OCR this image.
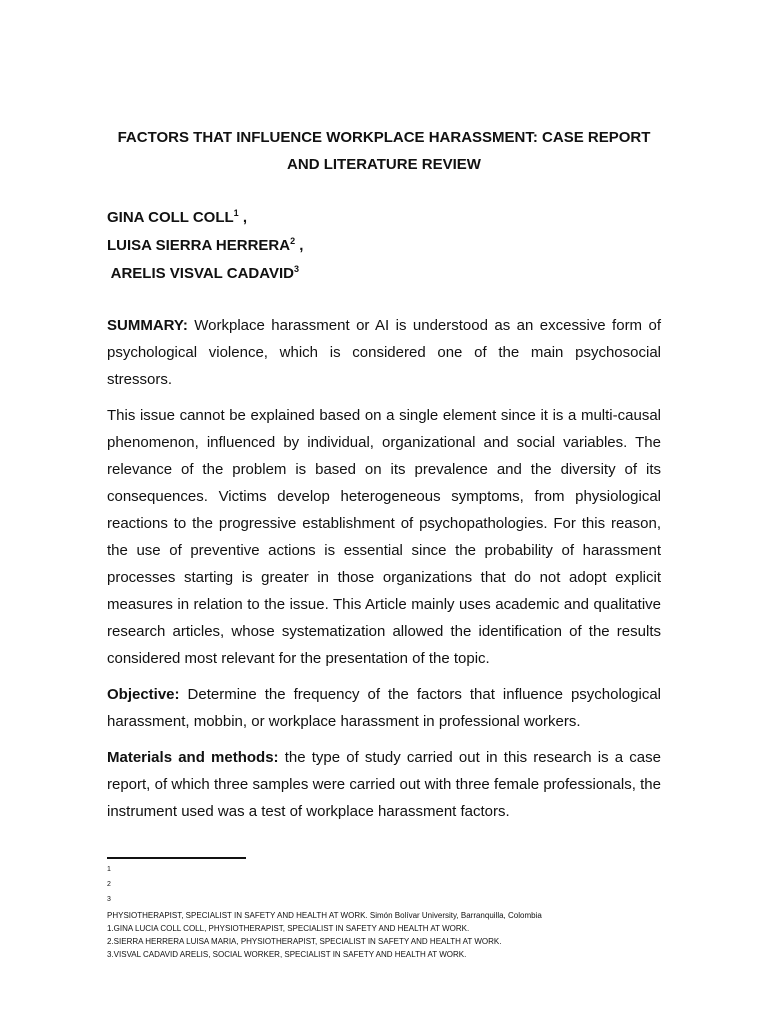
FACTORS THAT INFLUENCE WORKPLACE HARASSMENT: CASE REPORT
AND LITERATURE REVIEW
GINA COLL COLL$^1$ ,
LUISA SIERRA HERRERA$^2$ ,
ARELIS VISVAL CADAVID$^3$
SUMMARY: Workplace harassment or AI is understood as an excessive form of psychological violence, which is considered one of the main psychosocial stressors.
This issue cannot be explained based on a single element since it is a multi-causal phenomenon, influenced by individual, organizational and social variables. The relevance of the problem is based on its prevalence and the diversity of its consequences. Victims develop heterogeneous symptoms, from physiological reactions to the progressive establishment of psychopathologies. For this reason, the use of preventive actions is essential since the probability of harassment processes starting is greater in those organizations that do not adopt explicit measures in relation to the issue. This Article mainly uses academic and qualitative research articles, whose systematization allowed the identification of the results considered most relevant for the presentation of the topic.
Objective: Determine the frequency of the factors that influence psychological harassment, mobbin, or workplace harassment in professional workers.
Materials and methods: the type of study carried out in this research is a case report, of which three samples were carried out with three female professionals, the instrument used was a test of workplace harassment factors.
1
2
3
PHYSIOTHERAPIST, SPECIALIST IN SAFETY AND HEALTH AT WORK. Simón Bolívar University, Barranquilla, Colombia
1.GINA LUCIA COLL COLL, PHYSIOTHERAPIST, SPECIALIST IN SAFETY AND HEALTH AT WORK.
2.SIERRA HERRERA LUISA MARIA, PHYSIOTHERAPIST, SPECIALIST IN SAFETY AND HEALTH AT WORK.
3.VISVAL CADAVID ARELIS, SOCIAL WORKER, SPECIALIST IN SAFETY AND HEALTH AT WORK.
